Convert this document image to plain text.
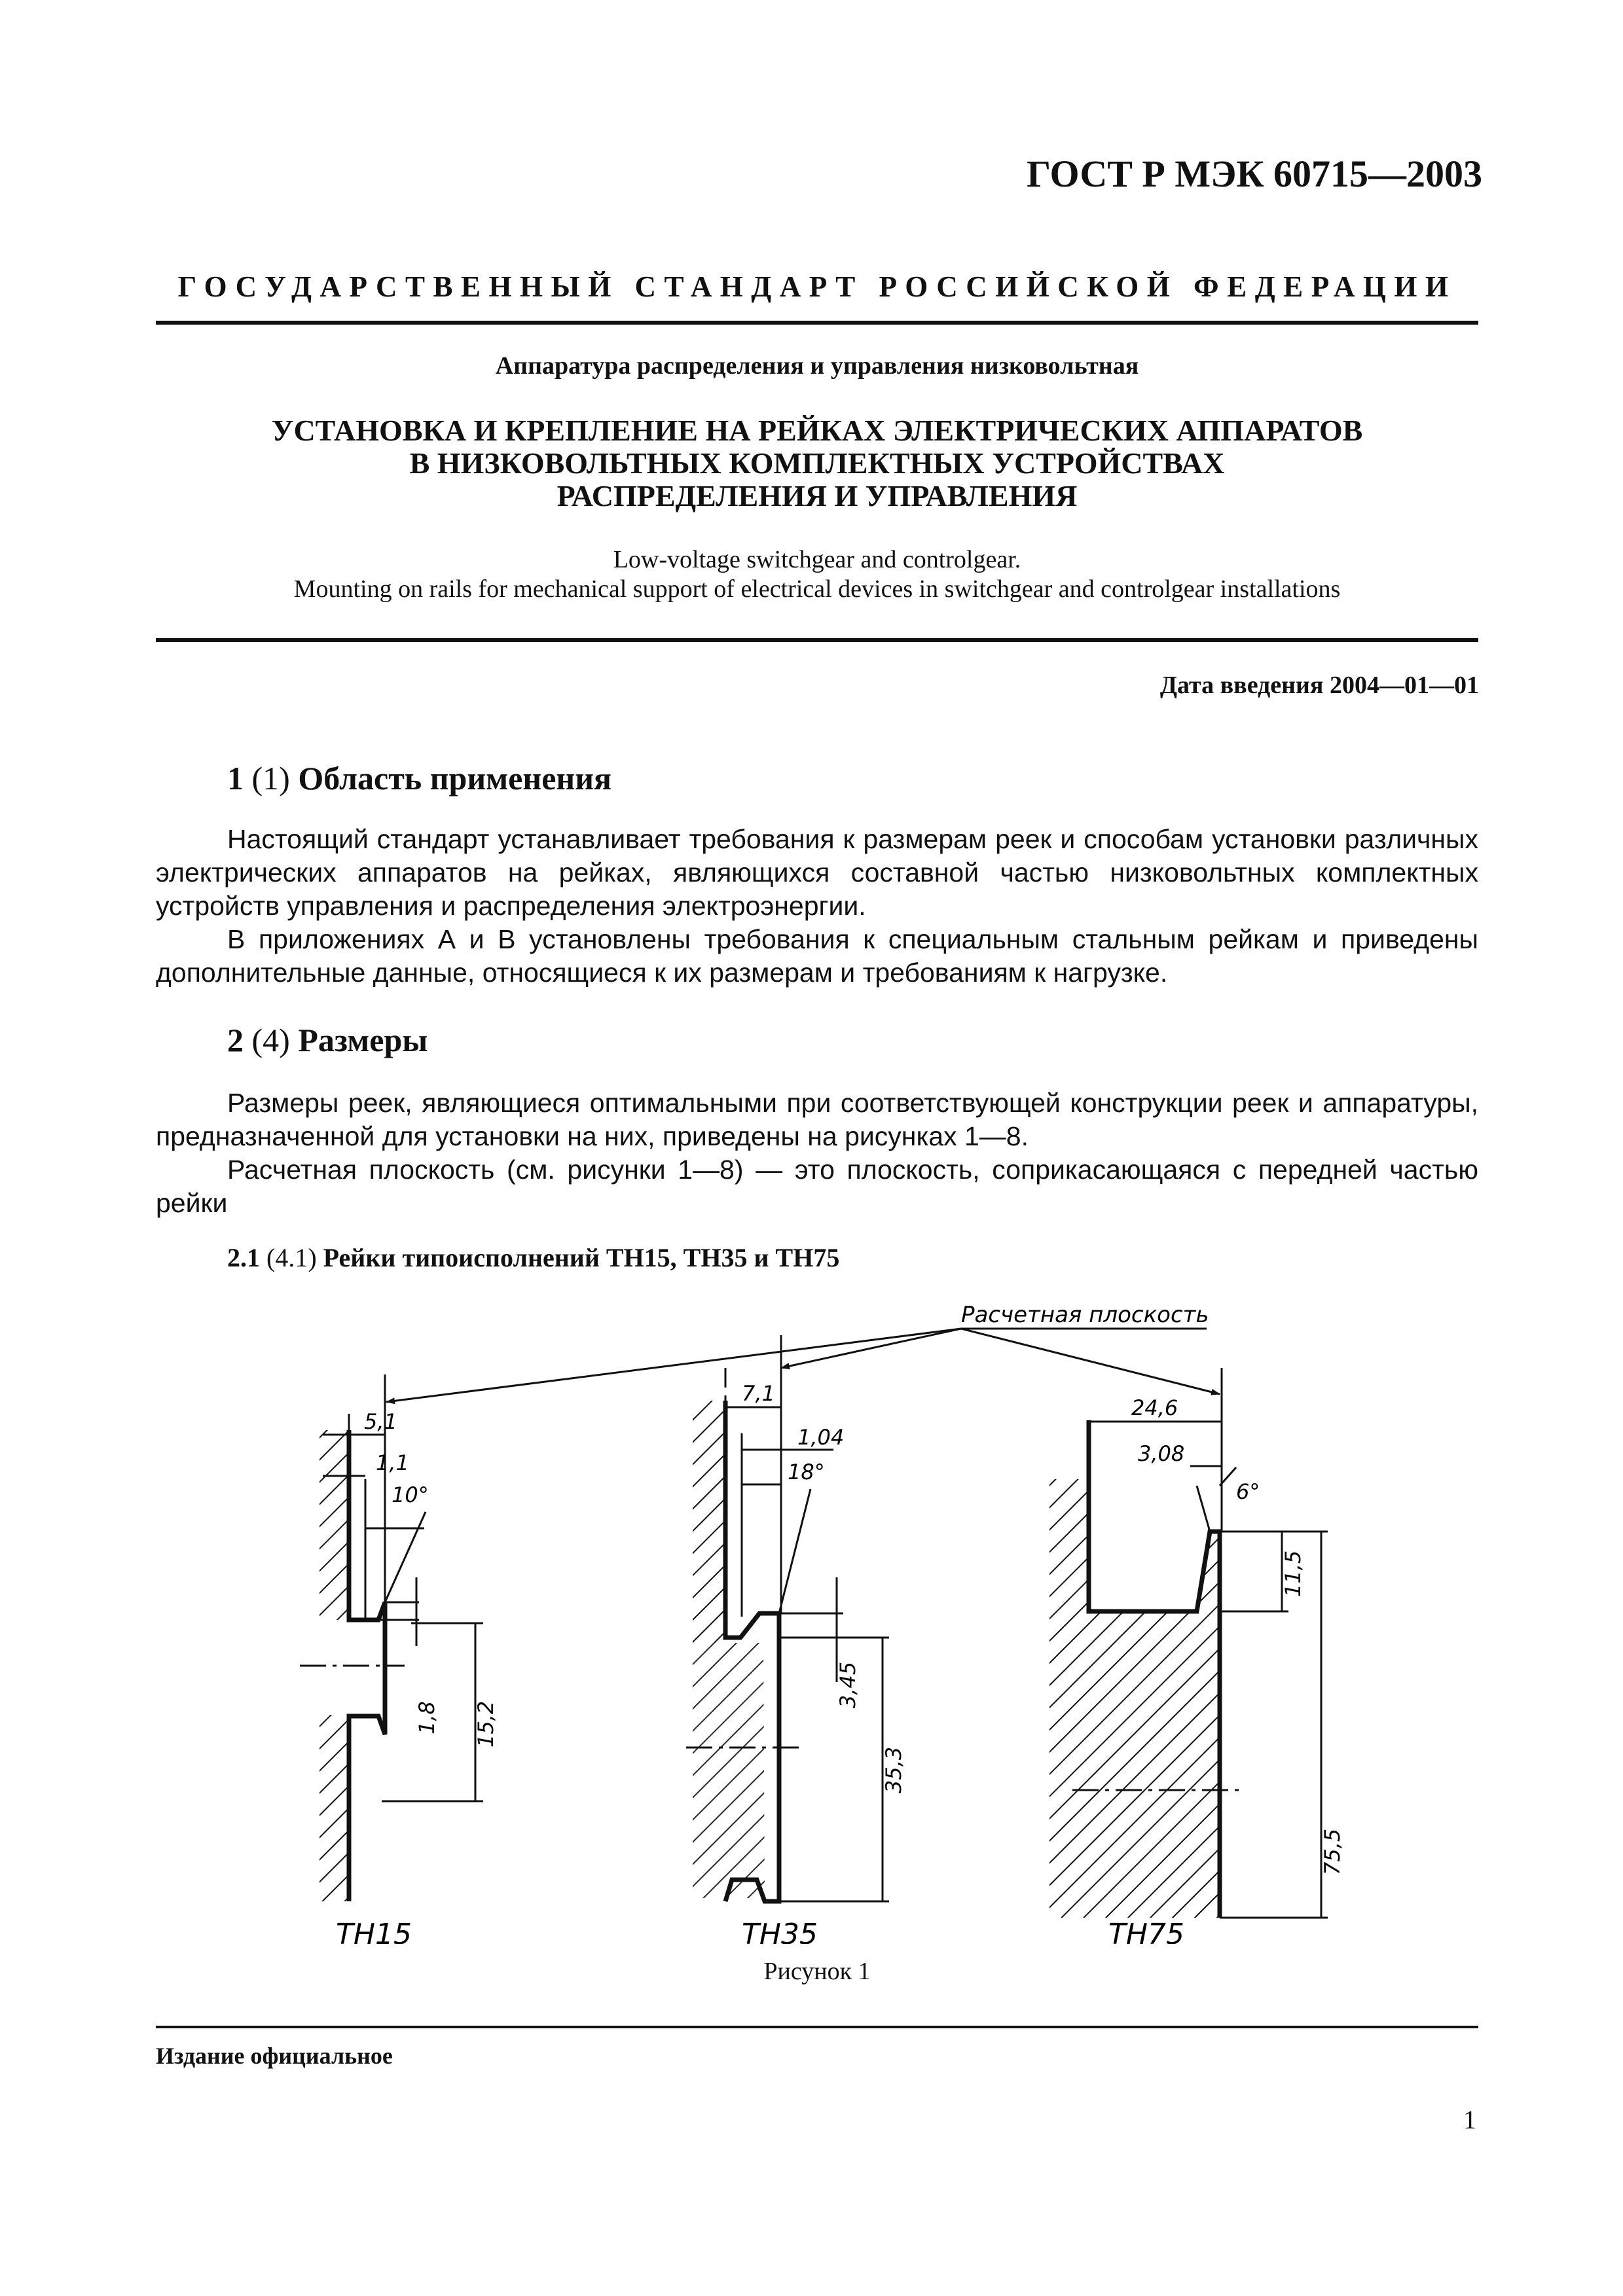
ГОСТ Р МЭК 60715—2003
ГОСУДАРСТВЕННЫЙ СТАНДАРТ РОССИЙСКОЙ ФЕДЕРАЦИИ
Аппаратура распределения и управления низковольтная
УСТАНОВКА И КРЕПЛЕНИЕ НА РЕЙКАХ ЭЛЕКТРИЧЕСКИХ АППАРАТОВ
В НИЗКОВОЛЬТНЫХ КОМПЛЕКТНЫХ УСТРОЙСТВАХ
РАСПРЕДЕЛЕНИЯ И УПРАВЛЕНИЯ
Low-voltage switchgear and controlgear.
Mounting on rails for mechanical support of electrical devices in switchgear and controlgear installations
Дата введения 2004—01—01
1 (1) Область применения

Настоящий стандарт устанавливает требования к размерам реек и способам установки различных электрических аппаратов на рейках, являющихся составной частью низковольтных комплектных устройств управления и распределения электроэнергии.

В приложениях А и В установлены требования к специальным стальным рейкам и приведены дополнительные данные, относящиеся к их размерам и требованиям к нагрузке.

2 (4) Размеры

Размеры реек, являющиеся оптимальными при соответствующей конструкции реек и аппаратуры, предназначенной для установки на них, приведены на рисунках 1—8.

Расчетная плоскость (см. рисунки 1—8) — это плоскость, соприкасающаяся с передней частью рейки

2.1 (4.1) Рейки типоисполнений ТН15, ТН35 и ТН75
Расчетная плоскость
5,1
1,1
10°
1,8 15,2
TH15
7,1
1,04
18°
3,45
35,3
TH35
24,6
3,08
6°
11,5
75,5
TH75
Рисунок 1
Издание официальное
1
